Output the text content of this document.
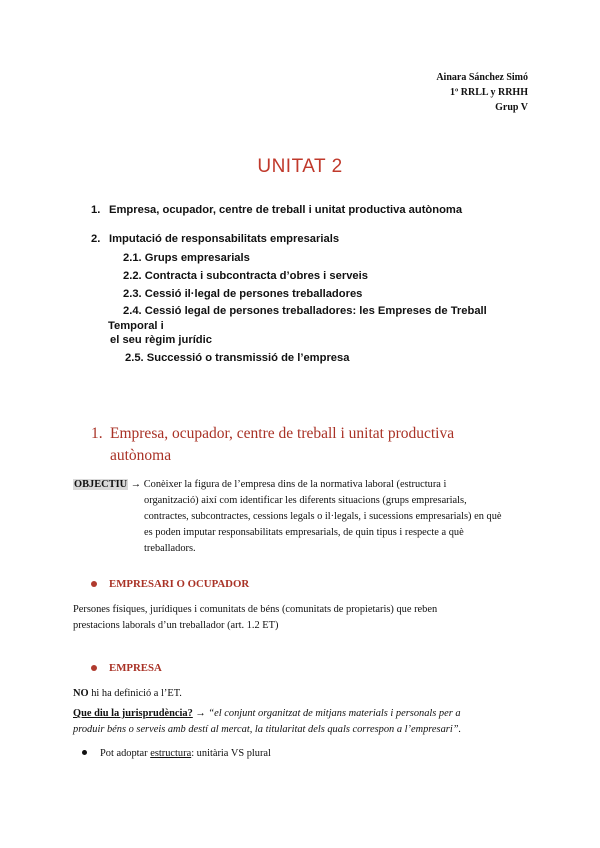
Ainara Sánchez Simó
1º RRLL y RRHH
Grup V
UNITAT 2
1. Empresa, ocupador, centre de treball i unitat productiva autònoma
2. Imputació de responsabilitats empresarials
2.1. Grups empresarials
2.2. Contracta i subcontracta d’obres i serveis
2.3. Cessió il·legal de persones treballadores
2.4. Cessió legal de persones treballadores: les Empreses de Treball
Temporal i
el seu règim jurídic
2.5. Successió o transmissió de l’empresa
1. Empresa, ocupador, centre de treball i unitat productiva
autònoma
OBJECTIU → Conèixer la figura de l’empresa dins de la normativa laboral (estructura i
organització) així com identificar les diferents situacions (grups empresarials,
contractes, subcontractes, cessions legals o il·legals, i sucessions empresarials) en què
es poden imputar responsabilitats empresarials, de quin tipus i respecte a què
treballadors.
EMPRESARI O OCUPADOR
Persones físiques, jurídiques i comunitats de béns (comunitats de propietaris) que reben
prestacions laborals d’un treballador (art. 1.2 ET)
EMPRESA
NO hi ha definició a l’ET.
Que diu la jurisprudència? → “el conjunt organitzat de mitjans materials i personals per a
produir béns o serveis amb destí al mercat, la titularitat dels quals correspon a l’empresari”.
Pot adoptar estructura: unitària VS plural
